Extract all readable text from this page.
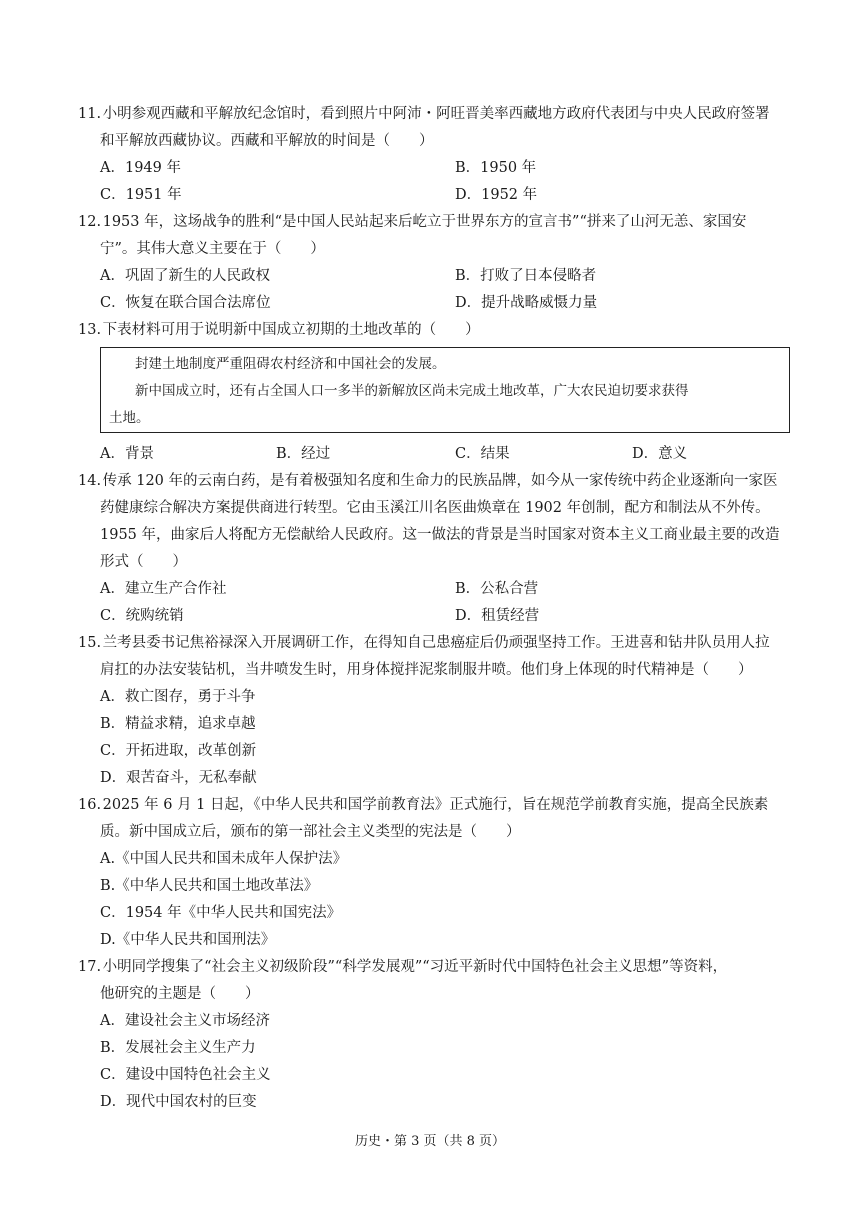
11. 小明参观西藏和平解放纪念馆时，看到照片中阿沛・阿旺晋美率西藏地方政府代表团与中央人民政府签署
和平解放西藏协议。西藏和平解放的时间是（　　）
A．1949 年	B．1950 年
C．1951 年	D．1952 年
12. 1953 年，这场战争的胜利“是中国人民站起来后屹立于世界东方的宣言书”“拼来了山河无恙、家国安
宁”。其伟大意义主要在于（　　）
A．巩固了新生的人民政权	B．打败了日本侵略者
C．恢复在联合国合法席位	D．提升战略威慑力量
13. 下表材料可用于说明新中国成立初期的土地改革的（　　）
封建土地制度严重阻碍农村经济和中国社会的发展。
新中国成立时，还有占全国人口一多半的新解放区尚未完成土地改革，广大农民迫切要求获得
土地。
A．背景	B．经过	C．结果	D．意义
14. 传承 120 年的云南白药，是有着极强知名度和生命力的民族品牌，如今从一家传统中药企业逐渐向一家医
药健康综合解决方案提供商进行转型。它由玉溪江川名医曲焕章在 1902 年创制，配方和制法从不外传。
1955 年，曲家后人将配方无偿献给人民政府。这一做法的背景是当时国家对资本主义工商业最主要的改造
形式（　　）
A．建立生产合作社	B．公私合营
C．统购统销	D．租赁经营
15. 兰考县委书记焦裕禄深入开展调研工作，在得知自己患癌症后仍顽强坚持工作。王进喜和钻井队员用人拉
肩扛的办法安装钻机，当井喷发生时，用身体搅拌泥浆制服井喷。他们身上体现的时代精神是（　　）
A．救亡图存，勇于斗争
B．精益求精，追求卓越
C．开拓进取，改革创新
D．艰苦奋斗，无私奉献
16. 2025 年 6 月 1 日起，《中华人民共和国学前教育法》正式施行，旨在规范学前教育实施，提高全民族素
质。新中国成立后，颁布的第一部社会主义类型的宪法是（　　）
A.《中国人民共和国未成年人保护法》
B.《中华人民共和国土地改革法》
C．1954 年《中华人民共和国宪法》
D.《中华人民共和国刑法》
17. 小明同学搜集了“社会主义初级阶段”“科学发展观”“习近平新时代中国特色社会主义思想”等资料，
他研究的主题是（　　）
A．建设社会主义市场经济
B．发展社会主义生产力
C．建设中国特色社会主义
D．现代中国农村的巨变
历史・第 3 页（共 8 页）
